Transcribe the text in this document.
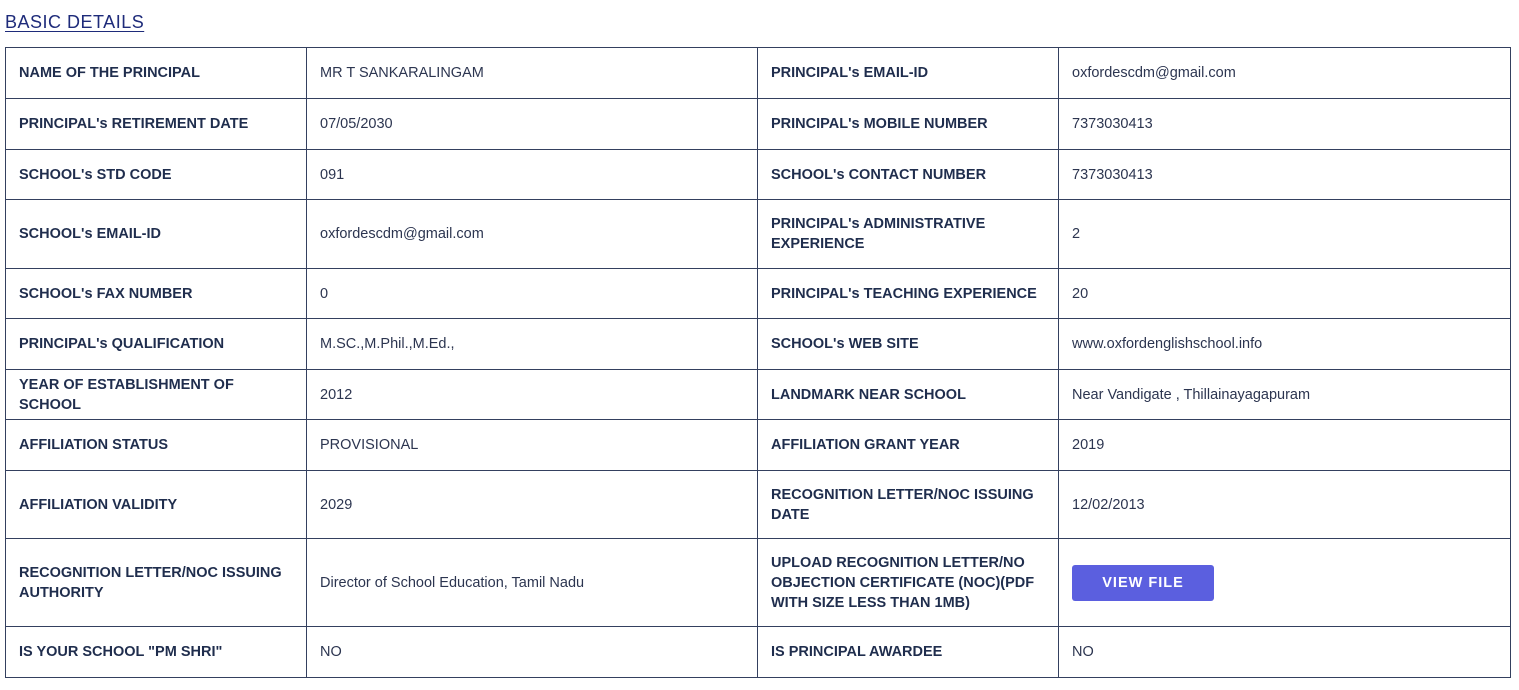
BASIC DETAILS
NAME OF THE PRINCIPAL	MR T SANKARALINGAM	PRINCIPAL's EMAIL-ID	oxfordescdm@gmail.com
PRINCIPAL's RETIREMENT DATE	07/05/2030	PRINCIPAL's MOBILE NUMBER	7373030413
SCHOOL's STD CODE	091	SCHOOL's CONTACT NUMBER	7373030413
SCHOOL's EMAIL-ID	oxfordescdm@gmail.com	PRINCIPAL's ADMINISTRATIVE EXPERIENCE	2
SCHOOL's FAX NUMBER	0	PRINCIPAL's TEACHING EXPERIENCE	20
PRINCIPAL's QUALIFICATION	M.SC.,M.Phil.,M.Ed.,	SCHOOL's WEB SITE	www.oxfordenglishschool.info
YEAR OF ESTABLISHMENT OF SCHOOL	2012	LANDMARK NEAR SCHOOL	Near Vandigate , Thillainayagapuram
AFFILIATION STATUS	PROVISIONAL	AFFILIATION GRANT YEAR	2019
AFFILIATION VALIDITY	2029	RECOGNITION LETTER/NOC ISSUING DATE	12/02/2013
RECOGNITION LETTER/NOC ISSUING AUTHORITY	Director of School Education, Tamil Nadu	UPLOAD RECOGNITION LETTER/NO OBJECTION CERTIFICATE (NOC)(PDF WITH SIZE LESS THAN 1MB)	VIEW FILE
IS YOUR SCHOOL "PM SHRI"	NO	IS PRINCIPAL AWARDEE	NO
